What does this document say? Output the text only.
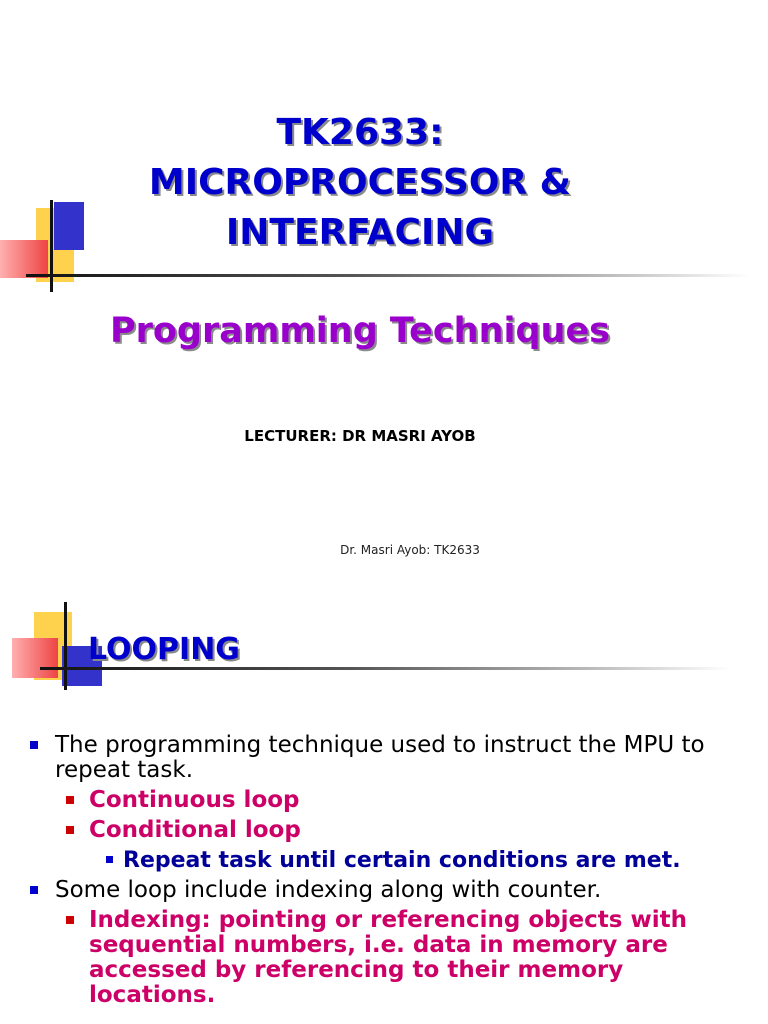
TK2633:
MICROPROCESSOR &
INTERFACING
Programming Techniques
LECTURER: DR MASRI AYOB
Dr. Masri Ayob: TK2633
LOOPING
The programming technique used to instruct the MPU to repeat task.
Continuous loop
Conditional loop
Repeat task until certain conditions are met.
Some loop include indexing along with counter.
Indexing: pointing or referencing objects with sequential numbers, i.e. data in memory are accessed by referencing to their memory locations.
